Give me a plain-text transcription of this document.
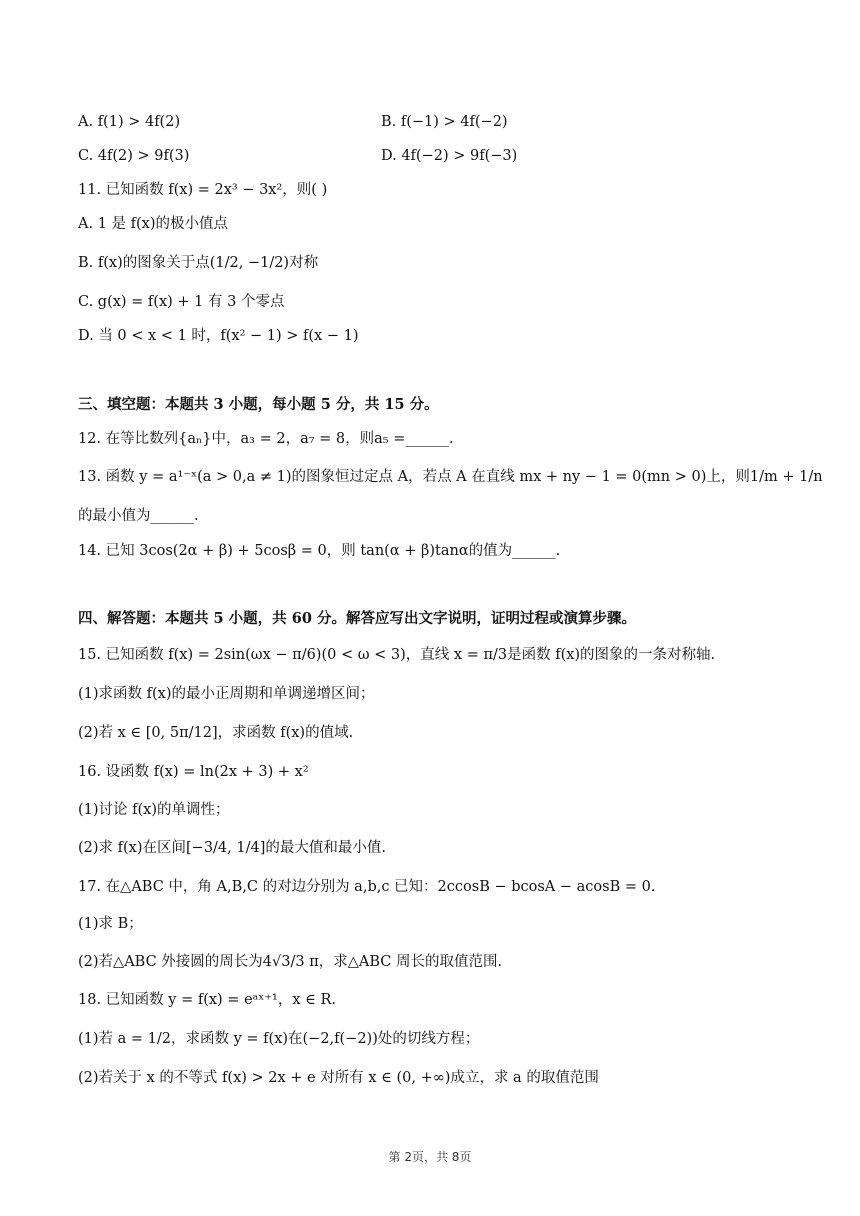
A. f(1) > 4f(2)	B. f(−1) > 4f(−2)
C. 4f(2) > 9f(3)	D. 4f(−2) > 9f(−3)
11. 已知函数 f(x) = 2x³ − 3x²，则( )
A. 1 是 f(x)的极小值点
B. f(x)的图象关于点(1/2, −1/2)对称
C. g(x) = f(x) + 1 有 3 个零点
D. 当 0 < x < 1 时，f(x² − 1) > f(x − 1)
三、填空题：本题共 3 小题，每小题 5 分，共 15 分。
12. 在等比数列{aₙ}中，a₃ = 2，a₇ = 8，则a₅ =______.
13. 函数 y = a¹⁻ˣ(a > 0,a ≠ 1)的图象恒过定点 A，若点 A 在直线 mx + ny − 1 = 0(mn > 0)上，则1/m + 1/n
的最小值为______.
14. 已知 3cos(2α + β) + 5cosβ = 0，则 tan(α + β)tanα的值为______.
四、解答题：本题共 5 小题，共 60 分。解答应写出文字说明，证明过程或演算步骤。
15. 已知函数 f(x) = 2sin(ωx − π/6)(0 < ω < 3)，直线 x = π/3是函数 f(x)的图象的一条对称轴.
(1)求函数 f(x)的最小正周期和单调递增区间；
(2)若 x ∈ [0, 5π/12]，求函数 f(x)的值域.
16. 设函数 f(x) = ln(2x + 3) + x²
(1)讨论 f(x)的单调性；
(2)求 f(x)在区间[−3/4, 1/4]的最大值和最小值.
17. 在△ABC 中，角 A,B,C 的对边分别为 a,b,c 已知：2ccosB − bcosA − acosB = 0.
(1)求 B；
(2)若△ABC 外接圆的周长为4√3/3 π，求△ABC 周长的取值范围.
18. 已知函数 y = f(x) = eᵃˣ⁺¹，x ∈ R.
(1)若 a = 1/2，求函数 y = f(x)在(−2,f(−2))处的切线方程；
(2)若关于 x 的不等式 f(x) > 2x + e 对所有 x ∈ (0, +∞)成立，求 a 的取值范围
第 2页，共 8页
